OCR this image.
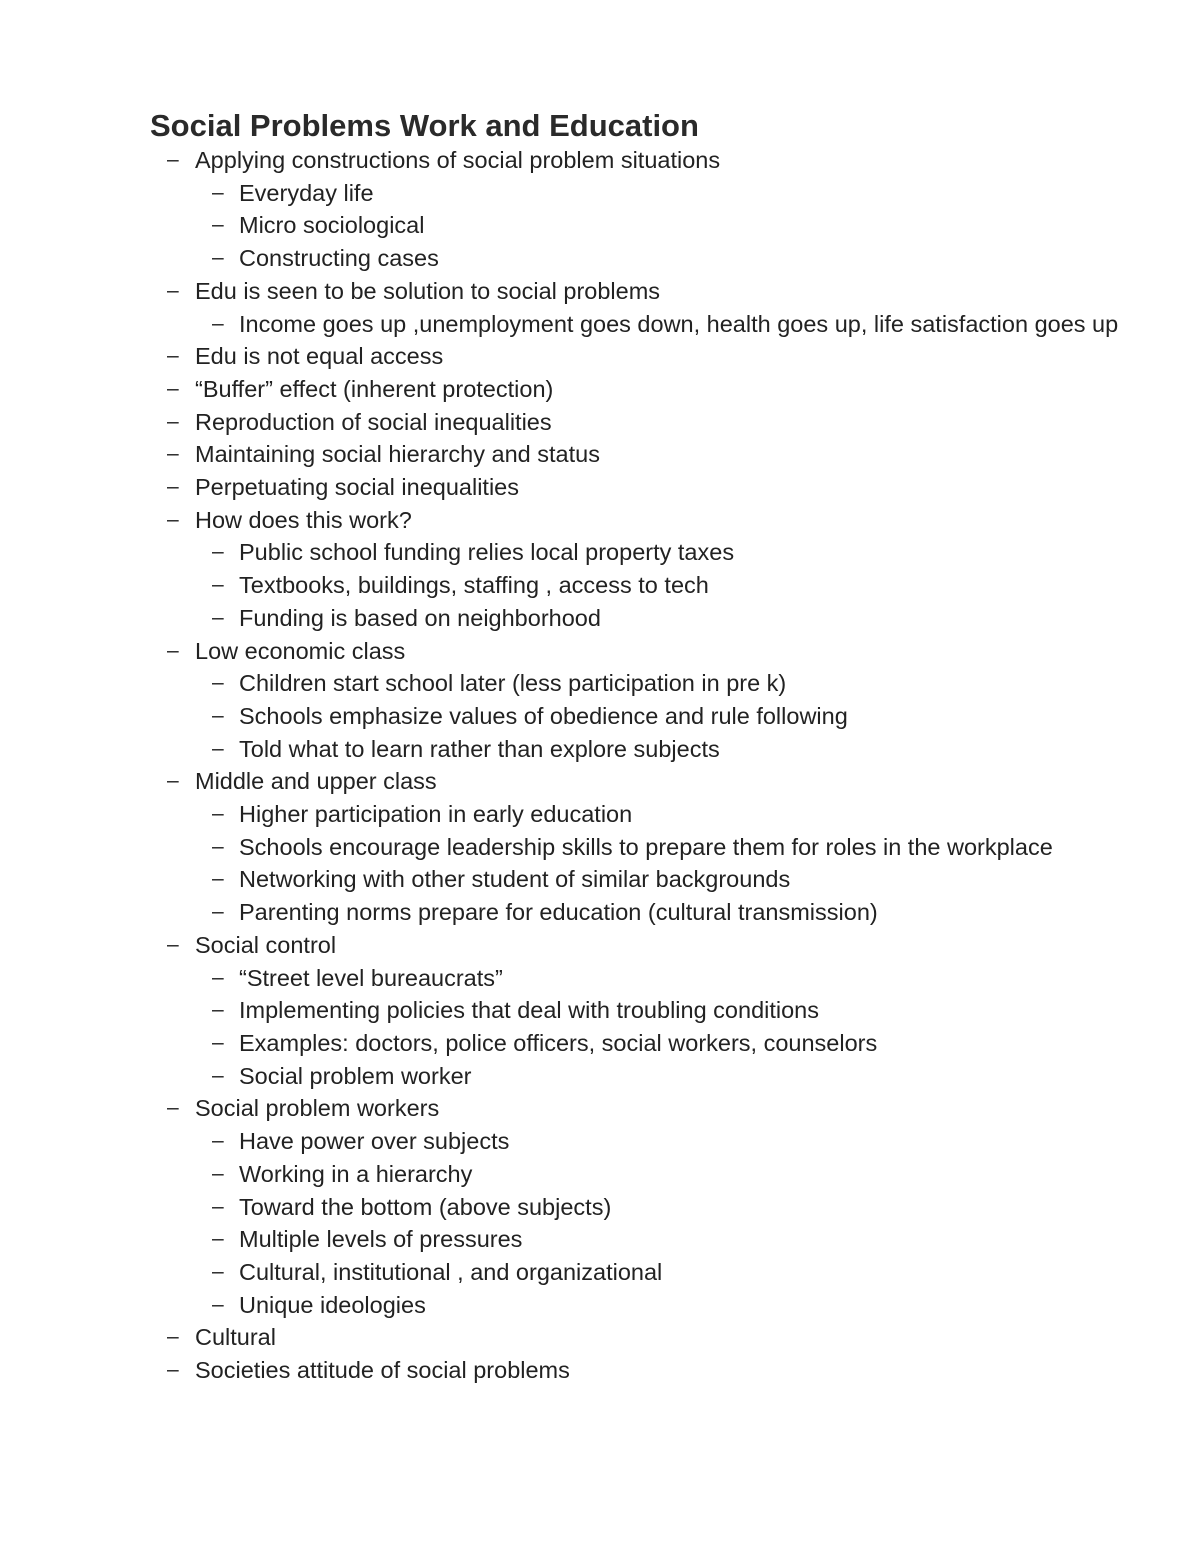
Social Problems Work and Education
– Applying constructions of social problem situations
– Everyday life
– Micro sociological
– Constructing cases
– Edu is seen to be solution to social problems
– Income goes up ,unemployment goes down, health goes up, life satisfaction goes up
– Edu is not equal access
– “Buffer” effect (inherent protection)
– Reproduction of social inequalities
– Maintaining social hierarchy and status
– Perpetuating social inequalities
– How does this work?
– Public school funding relies local property taxes
– Textbooks, buildings, staffing , access to tech
– Funding is based on neighborhood
– Low economic class
– Children start school later (less participation in pre k)
– Schools emphasize values of obedience and rule following
– Told what to learn rather than explore subjects
– Middle and upper class
– Higher participation in early education
– Schools encourage leadership skills to prepare them for roles in the workplace
– Networking with other student of similar backgrounds
– Parenting norms prepare for education (cultural transmission)
– Social control
– “Street level bureaucrats”
– Implementing policies that deal with troubling conditions
– Examples: doctors, police officers, social workers, counselors
– Social problem worker
– Social problem workers
– Have power over subjects
– Working in a hierarchy
– Toward the bottom (above subjects)
– Multiple levels of pressures
– Cultural, institutional , and organizational
– Unique ideologies
– Cultural
– Societies attitude of social problems
